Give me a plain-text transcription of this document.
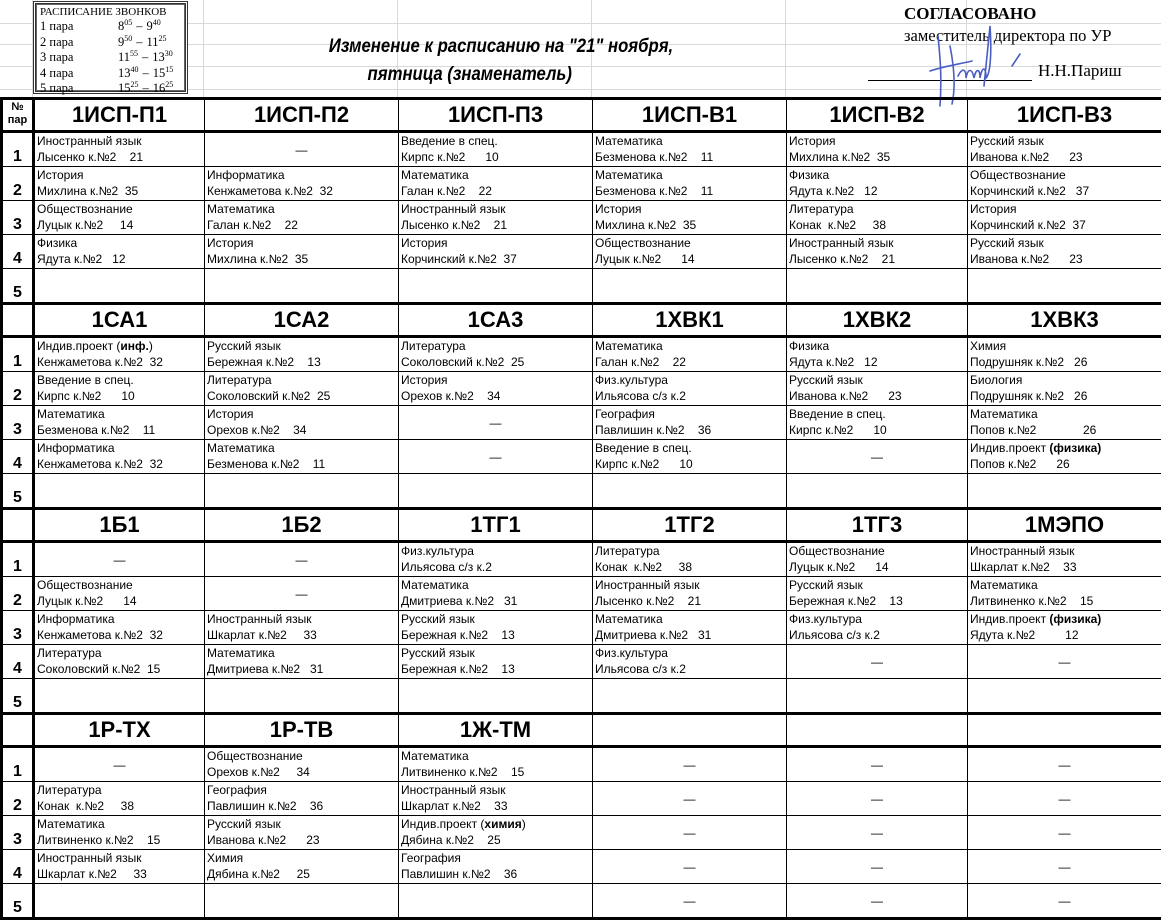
РАСПИСАНИЕ ЗВОНКОВ
1 пара	$8^{05} - 9^{40}$
2 пара	$9^{50} - 11^{25}$
3 пара	$11^{55} - 13^{30}$
4 пара	$13^{40} - 15^{15}$
5 пара	$15^{25} - 16^{25}$
Изменение к расписанию на "21" ноября,
пятница (знаменатель)
СОГЛАСОВАНО
заместитель директора по УР
Н.Н.Париш
№ пар	1ИСП-П1	1ИСП-П2	1ИСП-П3	1ИСП-В1	1ИСП-В2	1ИСП-В3
1	Иностранный язык
Лысенко к.№2    21	—	Введение в спец.
Кирпс к.№2      10	Математика
Безменова к.№2    11	История
Михлина к.№2  35	Русский язык
Иванова к.№2      23

2	История
Михлина к.№2  35	Информатика
Кенжаметова к.№2  32	Математика
Галан к.№2    22	Математика
Безменова к.№2    11	Физика
Ядута к.№2   12	Обществознание
Корчинский к.№2   37

3	Обществознание
Луцык к.№2     14	Математика
Галан к.№2    22	Иностранный язык
Лысенко к.№2    21	История
Михлина к.№2  35	Литература
Конак  к.№2     38	История
Корчинский к.№2  37

4	Физика
Ядута к.№2   12	История
Михлина к.№2  35	История
Корчинский к.№2  37	Обществознание
Луцык к.№2      14	Иностранный язык
Лысенко к.№2    21	Русский язык
Иванова к.№2      23

5						
	1СА1	1СА2	1СА3	1ХВК1	1ХВК2	1ХВК3
1	Индив.проект (инф.)
Кенжаметова к.№2  32	Русский язык
Бережная к.№2    13	Литература
Соколовский к.№2  25	Математика
Галан к.№2    22	Физика
Ядута к.№2   12	Химия
Подрушняк к.№2   26

2	Введение в спец.
Кирпс к.№2      10	Литература
Соколовский к.№2  25	История
Орехов к.№2    34	Физ.культура
Ильясова с/з к.2	Русский язык
Иванова к.№2      23	Биология
Подрушняк к.№2   26

3	Математика
Безменова к.№2    11	История
Орехов к.№2    34	—	География
Павлишин к.№2    36	Введение в спец.
Кирпс к.№2      10	Математика
Попов к.№2              26

4	Информатика
Кенжаметова к.№2  32	Математика
Безменова к.№2    11	—	Введение в спец.
Кирпс к.№2      10	—	Индив.проект (физика)
Попов к.№2      26

5						
	1Б1	1Б2	1ТГ1	1ТГ2	1ТГ3	1МЭПО
1	—	—	Физ.культура
Ильясова с/з к.2	Литература
Конак  к.№2     38	Обществознание
Луцык к.№2      14	Иностранный язык
Шкарлат к.№2    33

2	Обществознание
Луцык к.№2      14	—	Математика
Дмитриева к.№2   31	Иностранный язык
Лысенко к.№2    21	Русский язык
Бережная к.№2    13	Математика
Литвиненко к.№2    15

3	Информатика
Кенжаметова к.№2  32	Иностранный язык
Шкарлат к.№2     33	Русский язык
Бережная к.№2    13	Математика
Дмитриева к.№2   31	Физ.культура
Ильясова с/з к.2	Индив.проект (физика)
Ядута к.№2         12

4	Литература
Соколовский к.№2  15	Математика
Дмитриева к.№2   31	Русский язык
Бережная к.№2    13	Физ.культура
Ильясова с/з к.2	—	—
5						
	1Р-ТХ	1Р-ТВ	1Ж-ТМ			
1	—	Обществознание
Орехов к.№2     34	Математика
Литвиненко к.№2    15	—	—	—
2	Литература
Конак  к.№2     38	География
Павлишин к.№2    36	Иностранный язык
Шкарлат к.№2    33	—	—	—
3	Математика
Литвиненко к.№2    15	Русский язык
Иванова к.№2      23	Индив.проект (химия)
Дябина к.№2    25	—	—	—
4	Иностранный язык
Шкарлат к.№2     33	Химия
Дябина к.№2     25	География
Павлишин к.№2    36	—	—	—
5				—	—	—
